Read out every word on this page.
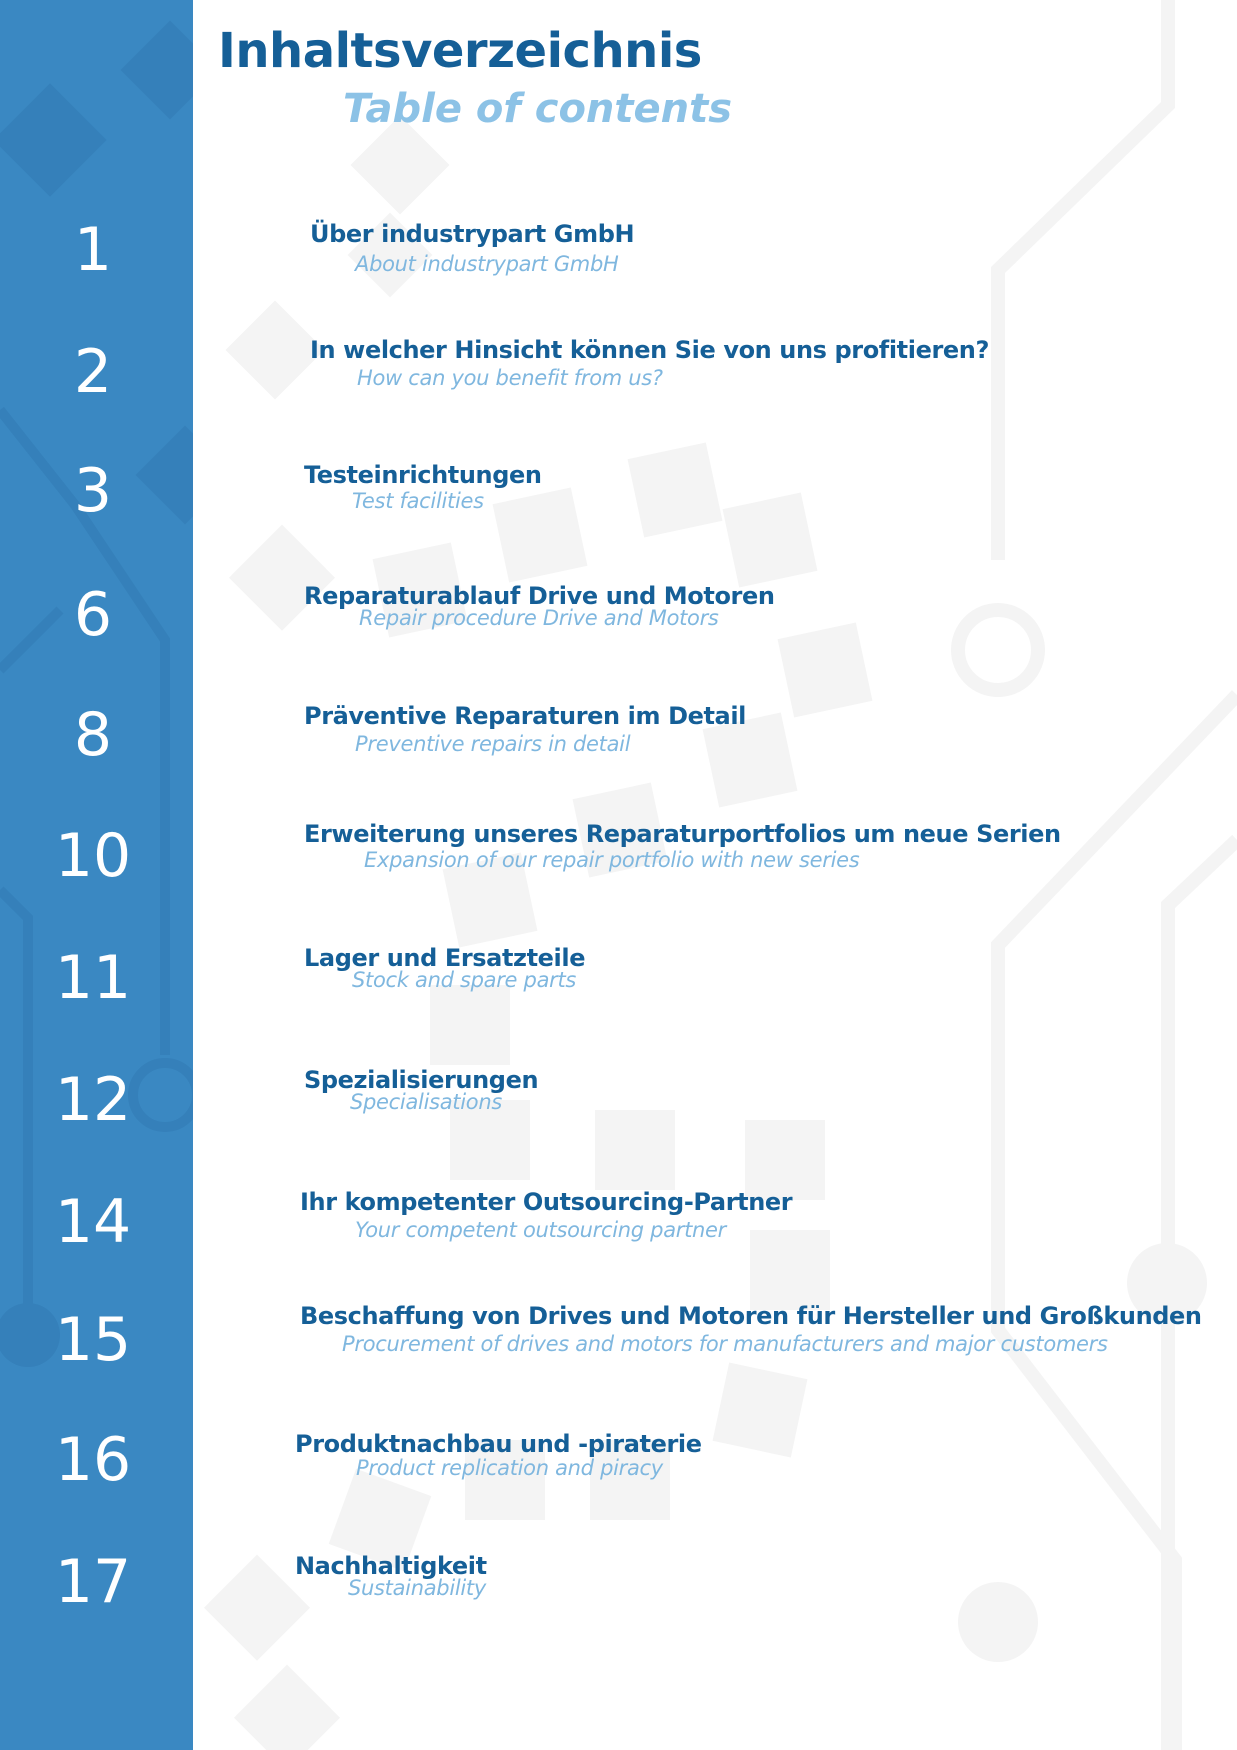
Inhaltsverzeichnis
Table of contents
1	Über industrypart GmbH
About industrypart GmbH
2	In welcher Hinsicht können Sie von uns profitieren?
How can you benefit from us?
3	Testeinrichtungen
Test facilities
6	Reparaturablauf Drive und Motoren
Repair procedure Drive and Motors
8	Präventive Reparaturen im Detail
Preventive repairs in detail
10	Erweiterung unseres Reparaturportfolios um neue Serien
Expansion of our repair portfolio with new series
11	Lager und Ersatzteile
Stock and spare parts
12	Spezialisierungen
Specialisations
14	Ihr kompetenter Outsourcing-Partner
Your competent outsourcing partner
15	Beschaffung von Drives und Motoren für Hersteller und Großkunden
Procurement of drives and motors for manufacturers and major customers
16	Produktnachbau und -piraterie
Product replication and piracy
17	Nachhaltigkeit
Sustainability
